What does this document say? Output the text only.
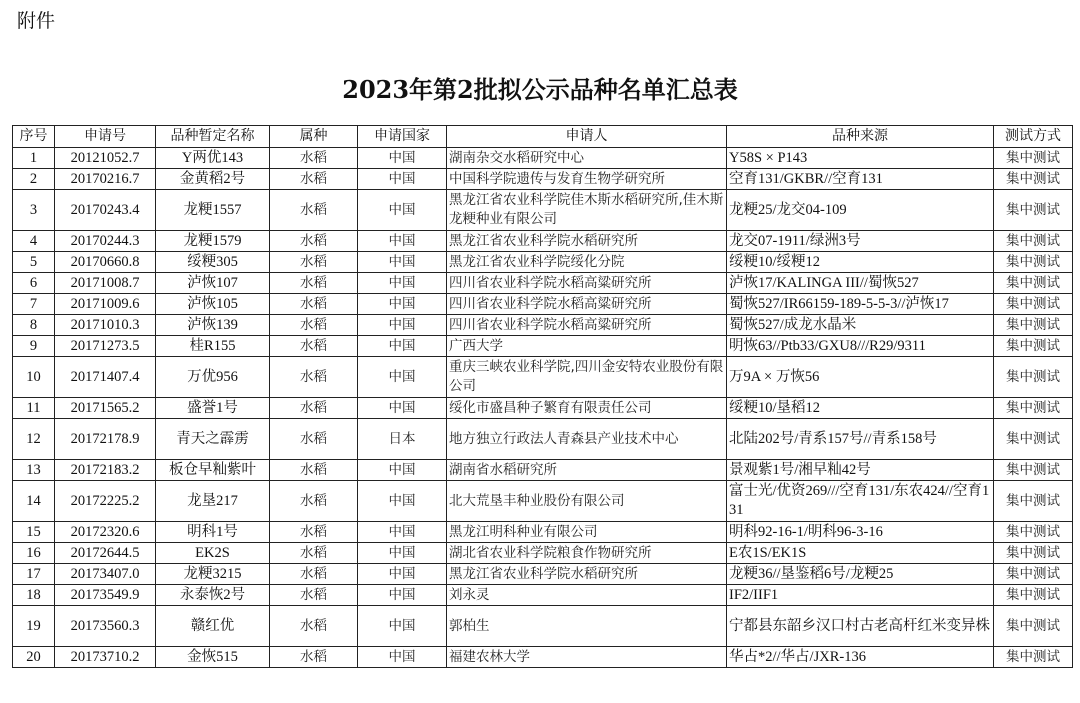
附件
2023年第2批拟公示品种名单汇总表
序号	申请号	品种暂定名称	属种	申请国家	申请人	品种来源	测试方式
1	20121052.7	Y两优143	水稻	中国	湖南杂交水稻研究中心	Y58S × P143	集中测试
2	20170216.7	金黄稻2号	水稻	中国	中国科学院遗传与发育生物学研究所	空育131/GKBR//空育131	集中测试
3	20170243.4	龙粳1557	水稻	中国	黑龙江省农业科学院佳木斯水稻研究所,佳木斯龙粳种业有限公司	龙粳25/龙交04-109	集中测试
4	20170244.3	龙粳1579	水稻	中国	黑龙江省农业科学院水稻研究所	龙交07-1911/绿洲3号	集中测试
5	20170660.8	绥粳305	水稻	中国	黑龙江省农业科学院绥化分院	绥粳10/绥粳12	集中测试
6	20171008.7	泸恢107	水稻	中国	四川省农业科学院水稻高粱研究所	泸恢17/KALINGA III//蜀恢527	集中测试
7	20171009.6	泸恢105	水稻	中国	四川省农业科学院水稻高粱研究所	蜀恢527/IR66159-189-5-5-3//泸恢17	集中测试
8	20171010.3	泸恢139	水稻	中国	四川省农业科学院水稻高粱研究所	蜀恢527/成龙水晶米	集中测试
9	20171273.5	桂R155	水稻	中国	广西大学	明恢63//Ptb33/GXU8///R29/9311	集中测试
10	20171407.4	万优956	水稻	中国	重庆三峡农业科学院,四川金安特农业股份有限公司	万9A × 万恢56	集中测试
11	20171565.2	盛誉1号	水稻	中国	绥化市盛昌种子繁育有限责任公司	绥粳10/垦稻12	集中测试
12	20172178.9	青天之霹雳	水稻	日本	地方独立行政法人青森县产业技术中心	北陆202号/青系157号//青系158号	集中测试
13	20172183.2	板仓早籼紫叶	水稻	中国	湖南省水稻研究所	景观紫1号/湘早籼42号	集中测试
14	20172225.2	龙垦217	水稻	中国	北大荒垦丰种业股份有限公司	富士光/优资269///空育131/东农424//空育131	集中测试
15	20172320.6	明科1号	水稻	中国	黑龙江明科种业有限公司	明科92-16-1/明科96-3-16	集中测试
16	20172644.5	EK2S	水稻	中国	湖北省农业科学院粮食作物研究所	E农1S/EK1S	集中测试
17	20173407.0	龙粳3215	水稻	中国	黑龙江省农业科学院水稻研究所	龙粳36//垦鉴稻6号/龙粳25	集中测试
18	20173549.9	永泰恢2号	水稻	中国	刘永灵	IF2/IIF1	集中测试
19	20173560.3	赣红优	水稻	中国	郭柏生	宁都县东韶乡汉口村古老高杆红米变异株	集中测试
20	20173710.2	金恢515	水稻	中国	福建农林大学	华占*2//华占/JXR-136	集中测试
